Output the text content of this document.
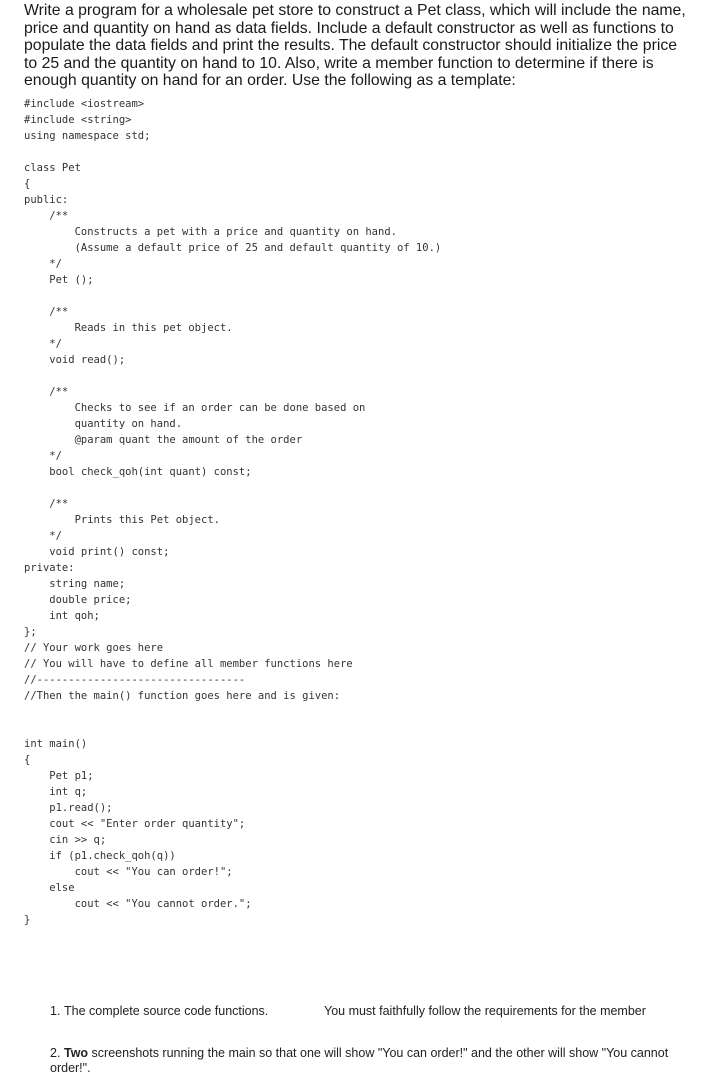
Write a program for a wholesale pet store to construct a Pet class, which will include the name, price and quantity on hand as data fields. Include a default constructor as well as functions to populate the data fields and print the results. The default constructor should initialize the price to 25 and the quantity on hand to 10. Also, write a member function to determine if there is enough quantity on hand for an order. Use the following as a template:

#include <iostream>
#include <string>
using namespace std;
class Pet
{
public:
/**
Constructs a pet with a price and quantity on hand.
(Assume a default price of 25 and default quantity of 10.)
*/
Pet ();
/**
Reads in this pet object.
*/
void read();
/**
Checks to see if an order can be done based on
quantity on hand.
@param quant the amount of the order
*/
bool check_qoh(int quant) const;
/**
Prints this Pet object.
*/
void print() const;
private:
string name;
double price;
int qoh;
};
// Your work goes here
// You will have to define all member functions here
//---------------------------------
//Then the main() function goes here and is given:
int main()
{
Pet p1;
int q;
p1.read();
cout << "Enter order quantity";
cin >> q;
if (p1.check_qoh(q))
cout << "You can order!";
else
cout << "You cannot order.";
}
1. The complete source code functions.	You must faithfully follow the requirements for the member
2. Two screenshots running the main so that one will show "You can order!" and the other will show "You cannot order!".
